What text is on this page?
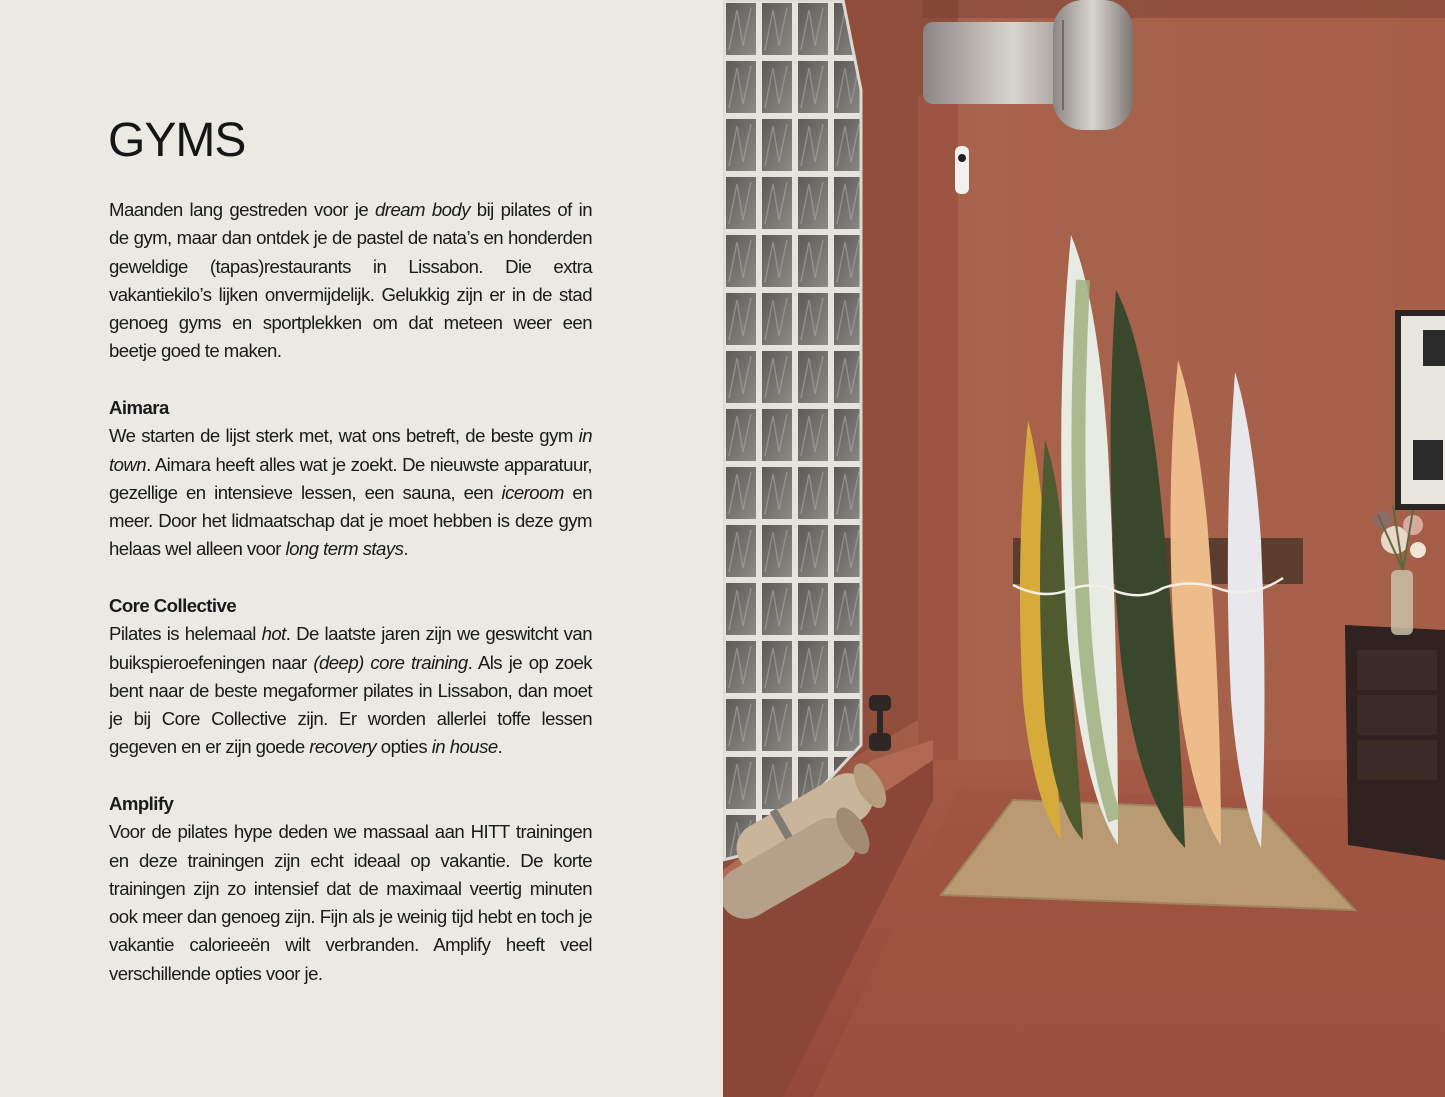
GYMS

Maanden lang gestreden voor je dream body bij pilates of in de gym, maar dan ontdek je de pastel de nata’s en honderden geweldige (tapas)restaurants in Lissabon. Die extra vakantiekilo’s lijken onvermijdelijk. Gelukkig zijn er in de stad genoeg gyms en sportplekken om dat meteen weer een beetje goed te maken.

Aimara

We starten de lijst sterk met, wat ons betreft, de beste gym in town. Aimara heeft alles wat je zoekt. De nieuwste apparatuur, gezellige en intensieve lessen, een sauna, een iceroom en meer. Door het lidmaatschap dat je moet hebben is deze gym helaas wel alleen voor long term stays.

Core Collective

Pilates is helemaal hot. De laatste jaren zijn we geswitcht van buikspieroefeningen naar (deep) core training. Als je op zoek bent naar de beste megaformer pilates in Lissabon, dan moet je bij Core Collective zijn. Er worden allerlei toffe lessen gegeven en er zijn goede recovery opties in house.

Amplify

Voor de pilates hype deden we massaal aan HITT trainingen en deze trainingen zijn echt ideaal op vakantie. De korte trainingen zijn zo intensief dat de maximaal veertig minuten ook meer dan genoeg zijn. Fijn als je weinig tijd hebt en toch je vakantie calorieeën wilt verbranden. Amplify heeft veel verschillende opties voor je.
